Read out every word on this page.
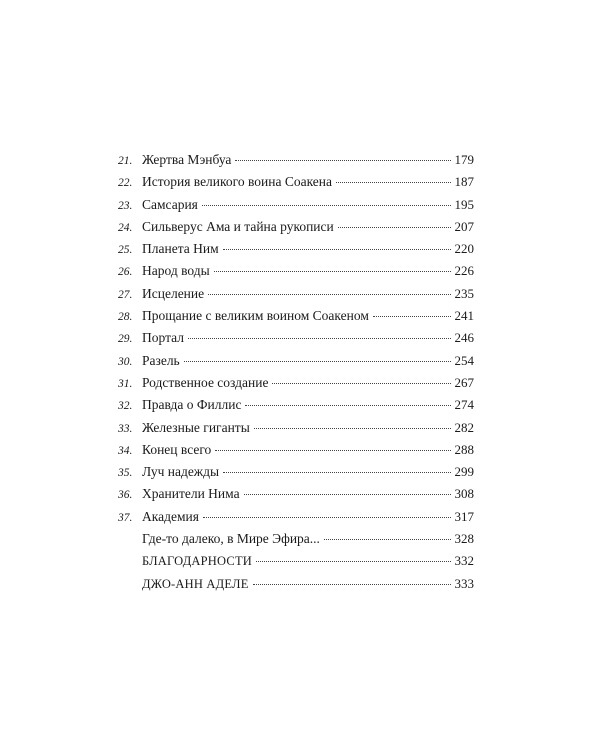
21. Жертва Мэнбуа	179
22. История великого воина Соакена	187
23. Самсария	195
24. Сильверус Ама и тайна рукописи	207
25. Планета Ним	220
26. Народ воды	226
27. Исцеление	235
28. Прощание с великим воином Соакеном	241
29. Портал	246
30. Разель	254
31. Родственное создание	267
32. Правда о Филлис	274
33. Железные гиганты	282
34. Конец всего	288
35. Луч надежды	299
36. Хранители Нима	308
37. Академия	317
Где-то далеко, в Мире Эфира...	328
БЛАГОДАРНОСТИ	332
ДЖО-АНН АДЕЛЕ	333
